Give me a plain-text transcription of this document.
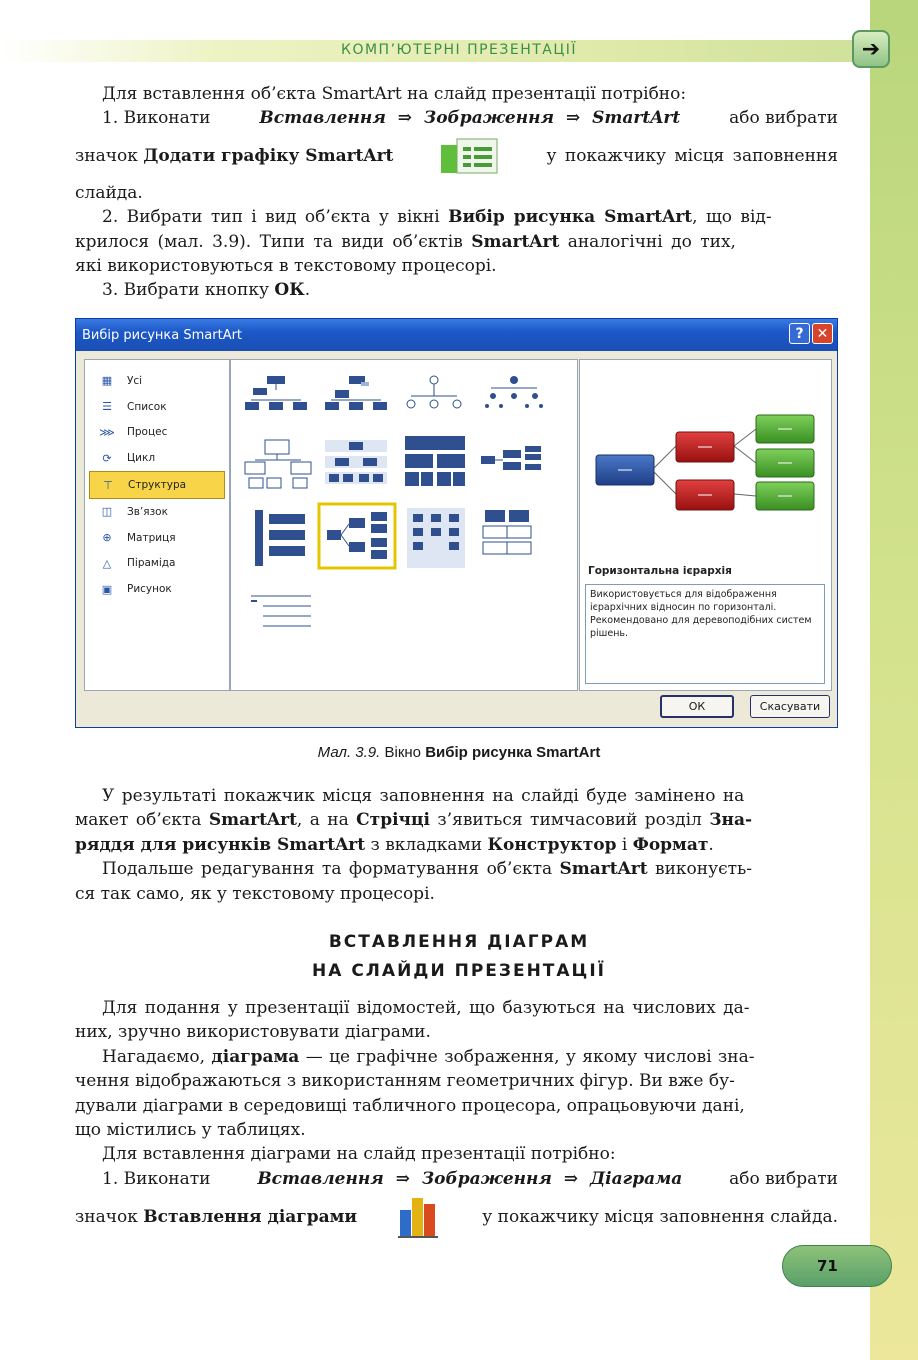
КОМП’ЮТЕРНІ ПРЕЗЕНТАЦІЇ	➔

Для вставлення об’єкта SmartArt на слайд презентації потрібно:

1. Виконати	Вставлення ⇒ Зображення ⇒ SmartArt	або вибрати

значок Додати графіку SmartArt	у покажчику місця заповнення

слайда.

2. Вибрати тип і вид об’єкта у вікні Вибір рисунка SmartArt, що від-

крилося (мал. 3.9). Типи та види об’єктів SmartArt аналогічні до тих,

які використовуються в текстовому процесорі.

3. Вибрати кнопку ОК.

Вибір рисунка SmartArt	? ✕
▦ Усі
☰ Список
⋙ Процес
⟳	Цикл
⊤	Структура
◫ Зв’язок
⊕	Матриця
△	Піраміда
▣ Рисунок
Горизонтальна ієрархія
Використовується для відображення ієрархічних відносин по горизонталі. Рекомендовано для деревоподібних систем рішень.
ОК	Скасувати
Мал. 3.9. Вікно Вибір рисунка SmartArt

У результаті покажчик місця заповнення на слайді буде замінено на

макет об’єкта SmartArt, а на Стрічці з’явиться тимчасовий розділ Зна-

ряддя для рисунків SmartArt з вкладками Конструктор і Формат.

Подальше редагування та форматування об’єкта SmartArt виконуєть-

ся так само, як у текстовому процесорі.

ВСТАВЛЕННЯ ДІАГРАМ
НА СЛАЙДИ ПРЕЗЕНТАЦІЇ

Для подання у презентації відомостей, що базуються на числових да-

них, зручно використовувати діаграми.

Нагадаємо, діаграма — це графічне зображення, у якому числові зна-

чення відображаються з використанням геометричних фігур. Ви вже бу-

дували діаграми в середовищі табличного процесора, опрацьовуючи дані,

що містились у таблицях.

Для вставлення діаграми на слайд презентації потрібно:

1. Виконати	Вставлення ⇒ Зображення ⇒ Діаграма	або вибрати

значок Вставлення діаграми	у покажчику місця заповнення слайда.
71
